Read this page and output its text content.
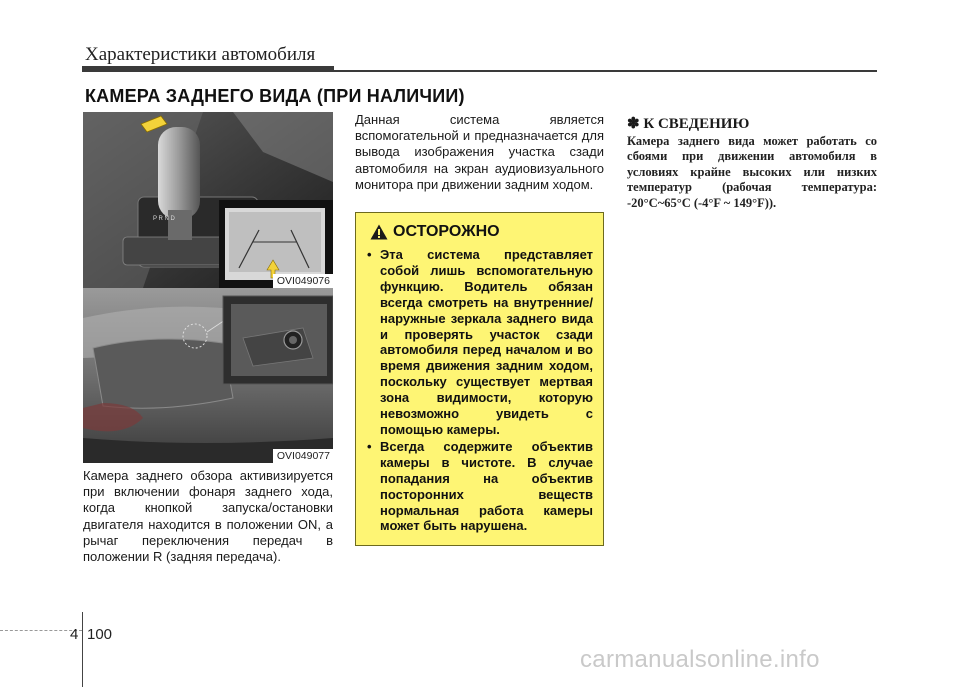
Характеристики автомобиля
КАМЕРА ЗАДНЕГО ВИДА (ПРИ НАЛИЧИИ)
P R N D
OVI049076
OVI049077
Камера заднего обзора активизируется при включении фонаря заднего хода, когда кнопкой запуска/остановки двигателя находится в положении ON, а рычаг переключения передач в положении R (задняя передача).
Данная система является вспомогательной и предназначается для вывода изображения участка сзади автомобиля на экран аудиовизуального монитора при движении задним ходом.
ОСТОРОЖНО
• Эта система представляет собой лишь вспомогательную функцию. Водитель обязан всегда смотреть на внутренние/наружные зеркала заднего вида и проверять участок сзади автомобиля перед началом и во время движения задним ходом, поскольку существует мертвая зона видимости, которую невозможно увидеть с помощью камеры.
• Всегда содержите объектив камеры в чистоте. В случае попадания на объектив посторонних веществ нормальная работа камеры может быть нарушена.
✽ К СВЕДЕНИЮ
Камера заднего вида может работать со сбоями при движении автомобиля в условиях крайне высоких или низких температур (рабочая температура: -20°C~65°C (-4°F ~ 149°F)).
4 100
carmanualsonline.info
